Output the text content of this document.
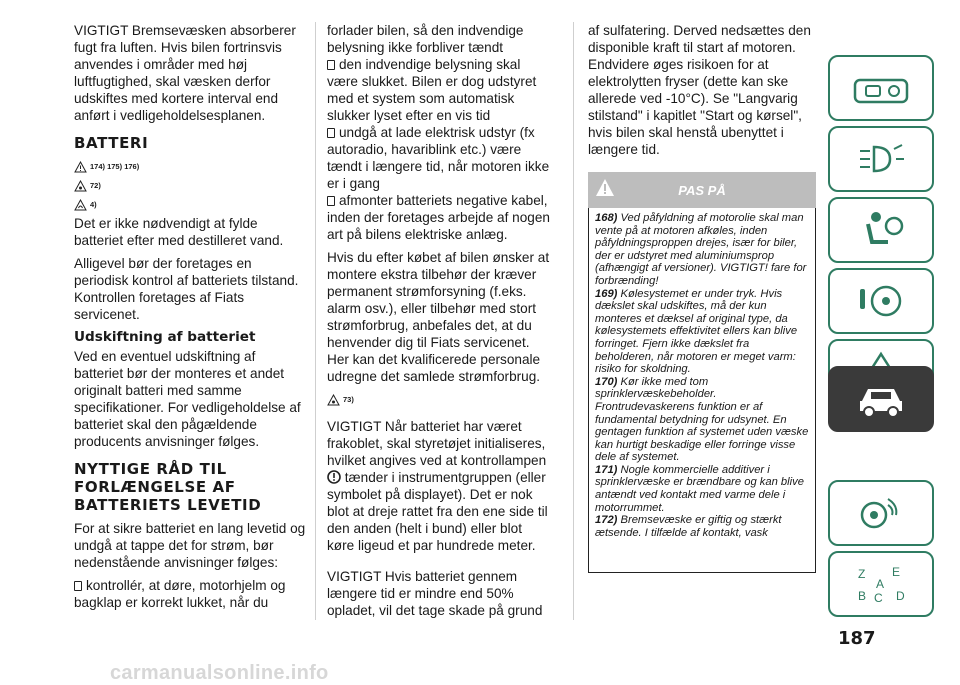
VIGTIGT Bremsevæsken absorberer fugt fra luften. Hvis bilen fortrinsvis anvendes i områder med høj luftfugtighed, skal væsken derfor udskiftes med kortere interval end anført i vedligeholdelsesplanen.

BATTERI
174) 175) 176)
72)
4)

Det er ikke nødvendigt at fylde batteriet efter med destilleret vand.

Alligevel bør der foretages en periodisk kontrol af batteriets tilstand. Kontrollen foretages af Fiats servicenet.

Udskiftning af batteriet

Ved en eventuel udskiftning af batteriet bør der monteres et andet originalt batteri med samme specifikationer. For vedligeholdelse af batteriet skal den pågældende producents anvisninger følges.

NYTTIGE RÅD TIL FORLÆNGELSE AF BATTERIETS LEVETID

For at sikre batteriet en lang levetid og undgå at tappe det for strøm, bør nedenstående anvisninger følges:

kontrollér, at døre, motorhjelm og bagklap er korrekt lukket, når du

forlader bilen, så den indvendige belysning ikke forbliver tændt

den indvendige belysning skal være slukket. Bilen er dog udstyret med et system som automatisk slukker lyset efter en vis tid

undgå at lade elektrisk udstyr (fx autoradio, havariblink etc.) være tændt i længere tid, når motoren ikke er i gang

afmonter batteriets negative kabel, inden der foretages arbejde af nogen art på bilens elektriske anlæg.

Hvis du efter købet af bilen ønsker at montere ekstra tilbehør der kræver permanent strømforsyning (f.eks. alarm osv.), eller tilbehør med stort strømforbrug, anbefales det, at du henvender dig til Fiats servicenet.

Her kan det kvalificerede personale udregne det samlede strømforbrug.

73)

VIGTIGT Når batteriet har været frakoblet, skal styretøjet initialiseres, hvilket angives ved at kontrollampen  tænder i instrumentgruppen (eller symbolet på displayet). Det er nok blot at dreje rattet fra den ene side til den anden (helt i bund) eller blot køre ligeud et par hundrede meter.

VIGTIGT Hvis batteriet gennem længere tid er mindre end 50% opladet, vil det tage skade på grund

af sulfatering. Derved nedsættes den disponible kraft til start af motoren. Endvidere øges risikoen for at elektrolytten fryser (dette kan ske allerede ved -10°C). Se "Langvarig stilstand" i kapitlet "Start og kørsel", hvis bilen skal henstå ubenyttet i længere tid.

PAS PÅ
168) Ved påfyldning af motorolie skal man vente på at motoren afkøles, inden påfyldningsproppen drejes, især for biler, der er udstyret med aluminiumsprop (afhængigt af versioner). VIGTIGT! fare for forbrænding!
169) Kølesystemet er under tryk. Hvis dækslet skal udskiftes, må der kun monteres et dæksel af original type, da kølesystemets effektivitet ellers kan blive forringet. Fjern ikke dækslet fra beholderen, når motoren er meget varm: risiko for skoldning.
170) Kør ikke med tom sprinklervæskebeholder. Frontrudevaskerens funktion er af fundamental betydning for udsynet. En gentagen funktion af systemet uden væske kan hurtigt beskadige eller forringe visse dele af systemet.
171) Nogle kommercielle additiver i sprinklervæske er brændbare og kan blive antændt ved kontakt med varme dele i motorrummet.
172) Bremsevæske er giftig og stærkt ætsende. I tilfælde af kontakt, vask
Z E
B C D
A
187
carmanualsonline.info
